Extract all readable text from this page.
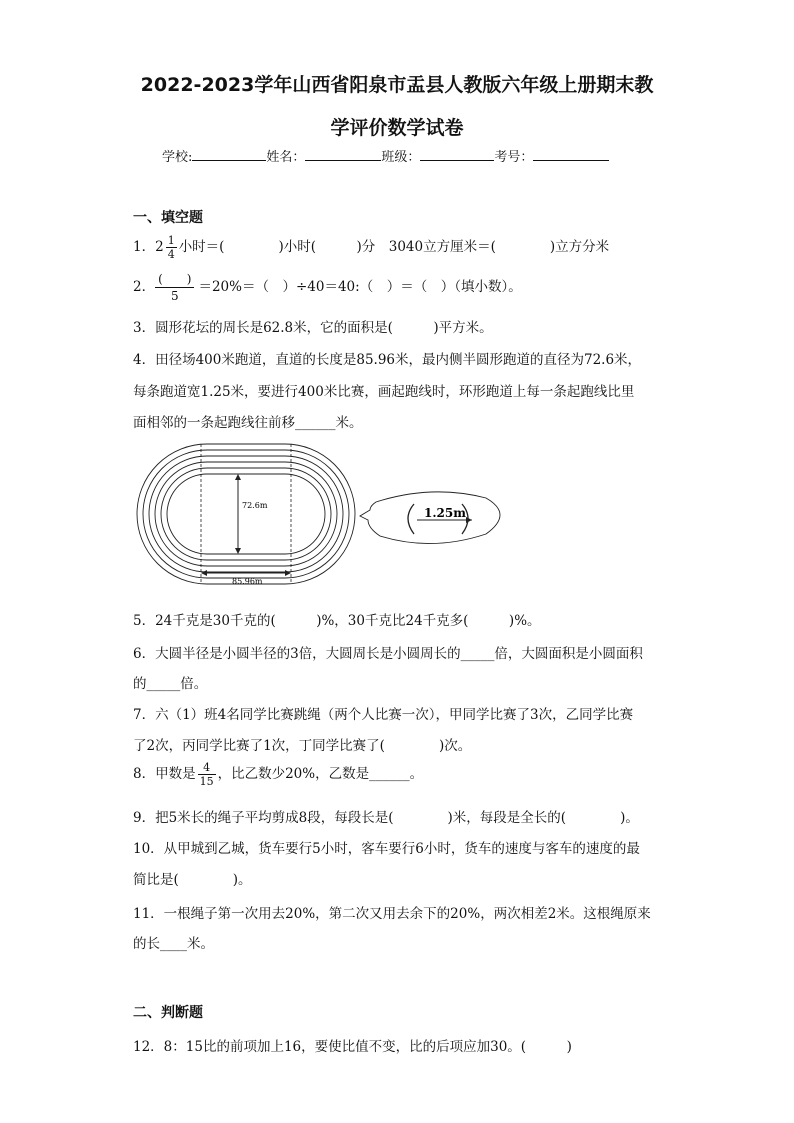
2022-2023学年山西省阳泉市盂县人教版六年级上册期末教
学评价数学试卷
学校:	姓名：	班级：	考号：
一、填空题
1．$2 \frac{1}{4}$ 小时＝(　　　　)小时(　　　)分　3040立方厘米＝(　　　　)立方分米
2． $\frac{( )}{5} =20\%=$（　）÷40＝40:（　）＝（　）（填小数）。
3．圆形花坛的周长是62.8米，它的面积是(　　　)平方米。
4．田径场400米跑道，直道的长度是85.96米，最内侧半圆形跑道的直径为72.6米，
每条跑道宽1.25米，要进行400米比赛，画起跑线时，环形跑道上每一条起跑线比里
面相邻的一条起跑线往前移______米。
72.6m
85.96m
1.25m
5．24千克是30千克的(　　　)%，30千克比24千克多(　　　)%。
6．大圆半径是小圆半径的3倍，大圆周长是小圆周长的_____倍，大圆面积是小圆面积
的_____倍。
7．六（1）班4名同学比赛跳绳（两个人比赛一次），甲同学比赛了3次，乙同学比赛
了2次，丙同学比赛了1次，丁同学比赛了(　　　　)次。
8．甲数是 $\frac{4}{15}$ ，比乙数少20%，乙数是______。
9．把5米长的绳子平均剪成8段，每段长是(　　　　)米，每段是全长的(　　　　)。
10．从甲城到乙城，货车要行5小时，客车要行6小时，货车的速度与客车的速度的最
简比是(　　　　)。
11．一根绳子第一次用去20%，第二次又用去余下的20%，两次相差2米。这根绳原来
的长____米。
二、判断题
12．8：15比的前项加上16，要使比值不变，比的后项应加30。(　　　)
